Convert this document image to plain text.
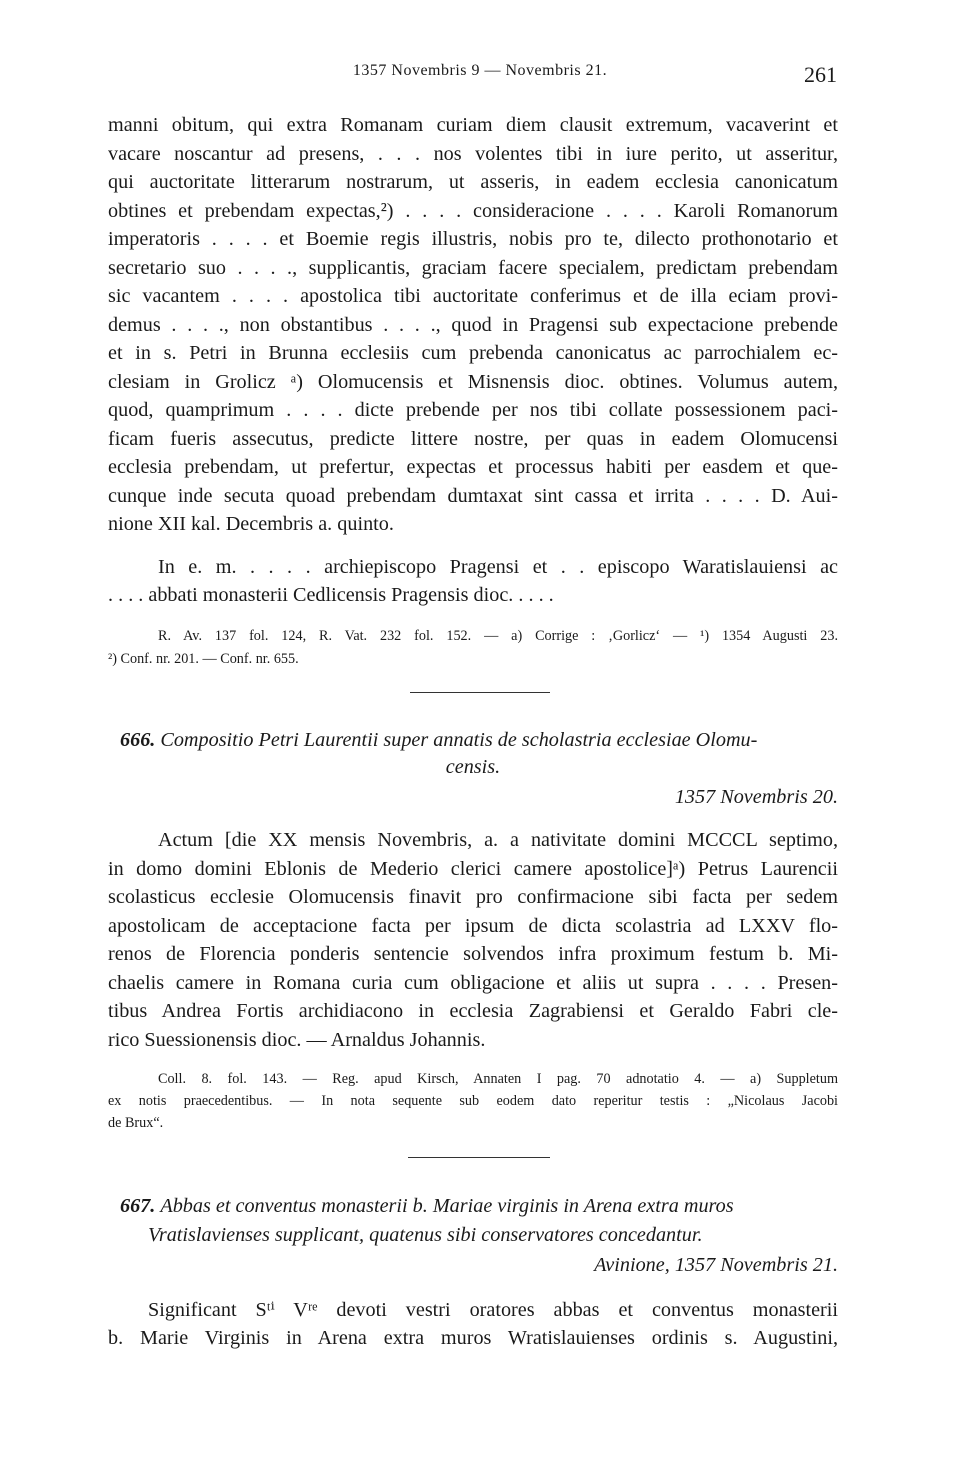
1357 Novembris 9 — Novembris 21.	261
manni obitum, qui extra Romanam curiam diem clausit extremum, vacaverint et
vacare noscantur ad presens, . . . nos volentes tibi in iure perito, ut asseritur,
qui auctoritate litterarum nostrarum, ut asseris, in eadem ecclesia canonicatum
obtines et prebendam expectas,²) . . . . consideracione . . . . Karoli Romanorum
imperatoris . . . . et Boemie regis illustris, nobis pro te, dilecto prothonotario et
secretario suo . . . ., supplicantis, graciam facere specialem, predictam prebendam
sic vacantem . . . . apostolica tibi auctoritate conferimus et de illa eciam provi-
demus . . . ., non obstantibus . . . ., quod in Pragensi sub expectacione prebende
et in s. Petri in Brunna ecclesiis cum prebenda canonicatus ac parrochialem ec-
clesiam in Grolicz ᵃ) Olomucensis et Misnensis dioc. obtines. Volumus autem,
quod, quamprimum . . . . dicte prebende per nos tibi collate possessionem paci-
ficam fueris assecutus, predicte littere nostre, per quas in eadem Olomucensi
ecclesia prebendam, ut prefertur, expectas et processus habiti per easdem et que-
cunque inde secuta quoad prebendam dumtaxat sint cassa et irrita . . . . D. Aui-
nione XII kal. Decembris a. quinto.
In e. m. . . . . archiepiscopo Pragensi et . . episcopo Waratislauiensi ac
. . . . abbati monasterii Cedlicensis Pragensis dioc. . . . .
R. Av. 137 fol. 124, R. Vat. 232 fol. 152. — a) Corrige : ‚Gorlicz‘ — ¹) 1354 Augusti 23.
²) Conf. nr. 201. — Conf. nr. 655.
666. Compositio Petri Laurentii super annatis de scholastria ecclesiae Olomu-
censis.
1357 Novembris 20.
Actum [die XX mensis Novembris, a. a nativitate domini MCCCL septimo,
in domo domini Eblonis de Mederio clerici camere apostolice]ᵃ) Petrus Laurencii
scolasticus ecclesie Olomucensis finavit pro confirmacione sibi facta per sedem
apostolicam de acceptacione facta per ipsum de dicta scolastria ad LXXV flo-
renos de Florencia ponderis sentencie solvendos infra proximum festum b. Mi-
chaelis camere in Romana curia cum obligacione et aliis ut supra . . . . Presen-
tibus Andrea Fortis archidiacono in ecclesia Zagrabiensi et Geraldo Fabri cle-
rico Suessionensis dioc. — Arnaldus Johannis.
Coll. 8. fol. 143. — Reg. apud Kirsch, Annaten I pag. 70 adnotatio 4. — a) Suppletum
ex notis praecedentibus. — In nota sequente sub eodem dato reperitur testis : „Nicolaus Jacobi
de Brux“.
667. Abbas et conventus monasterii b. Mariae virginis in Arena extra muros
Vratislavienses supplicant, quatenus sibi conservatores concedantur.
Avinione, 1357 Novembris 21.
Significant Sᵗⁱ Vʳᵉ devoti vestri oratores abbas et conventus monasterii
b. Marie Virginis in Arena extra muros Wratislauienses ordinis s. Augustini,
